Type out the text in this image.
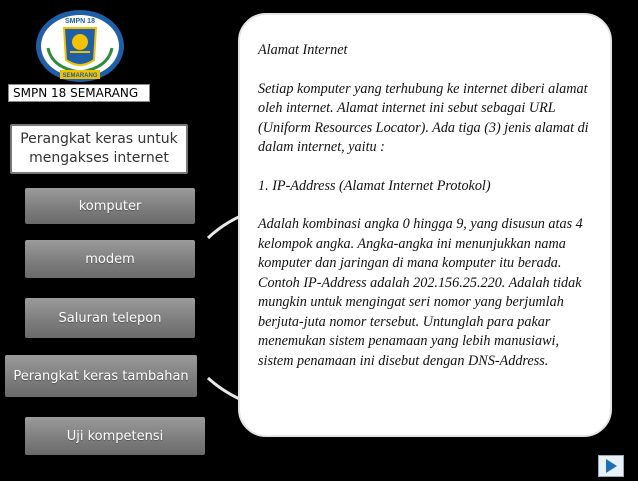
SMPN 18
SEMARANG
SMPN 18 SEMARANG
Perangkat keras untuk mengakses internet
komputer
modem
Saluran telepon
Perangkat keras tambahan
Uji kompetensi

Alamat Internet

Setiap komputer yang terhubung ke internet diberi alamat oleh internet. Alamat internet ini sebut sebagai URL (Uniform Resources Locator). Ada tiga (3) jenis alamat di dalam internet, yaitu :

1. IP-Address (Alamat Internet Protokol)

Adalah kombinasi angka 0 hingga 9, yang disusun atas 4 kelompok angka. Angka-angka ini menunjukkan nama komputer dan jaringan di mana komputer itu berada. Contoh IP-Address adalah 202.156.25.220. Adalah tidak mungkin untuk mengingat seri nomor yang berjumlah berjuta-juta nomor tersebut. Untunglah para pakar menemukan sistem penamaan yang lebih manusiawi, sistem penamaan ini disebut dengan DNS-Address.
